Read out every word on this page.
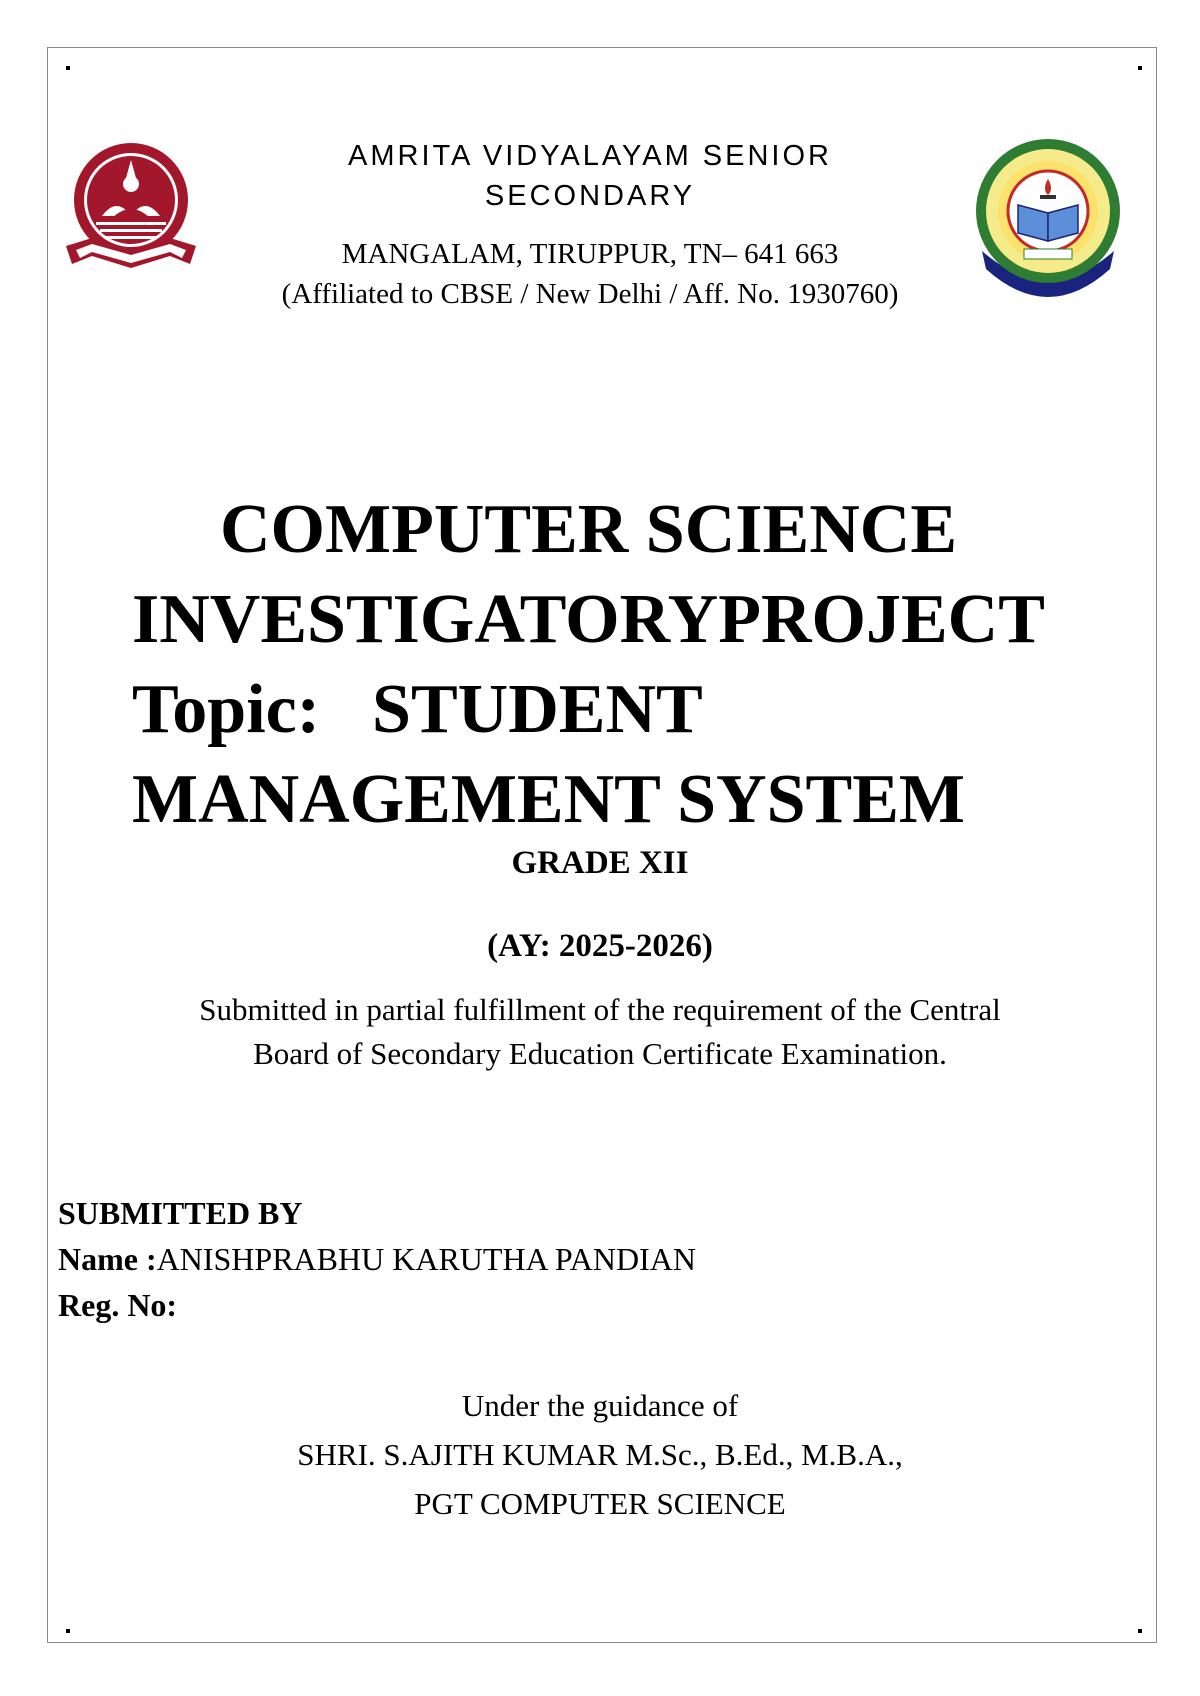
AMRITA VIDYALAYAM SENIOR
SECONDARY
MANGALAM, TIRUPPUR, TN– 641 663
(Affiliated to CBSE / New Delhi / Aff. No. 1930760)
COMPUTER SCIENCE
INVESTIGATORYPROJECT
Topic: STUDENT
MANAGEMENT SYSTEM
GRADE XII
(AY: 2025-2026)
Submitted in partial fulfillment of the requirement of the Central
Board of Secondary Education Certificate Examination.
SUBMITTED BY
Name :ANISHPRABHU KARUTHA PANDIAN
Reg. No:
Under the guidance of
SHRI. S.AJITH KUMAR M.Sc., B.Ed., M.B.A.,
PGT COMPUTER SCIENCE
